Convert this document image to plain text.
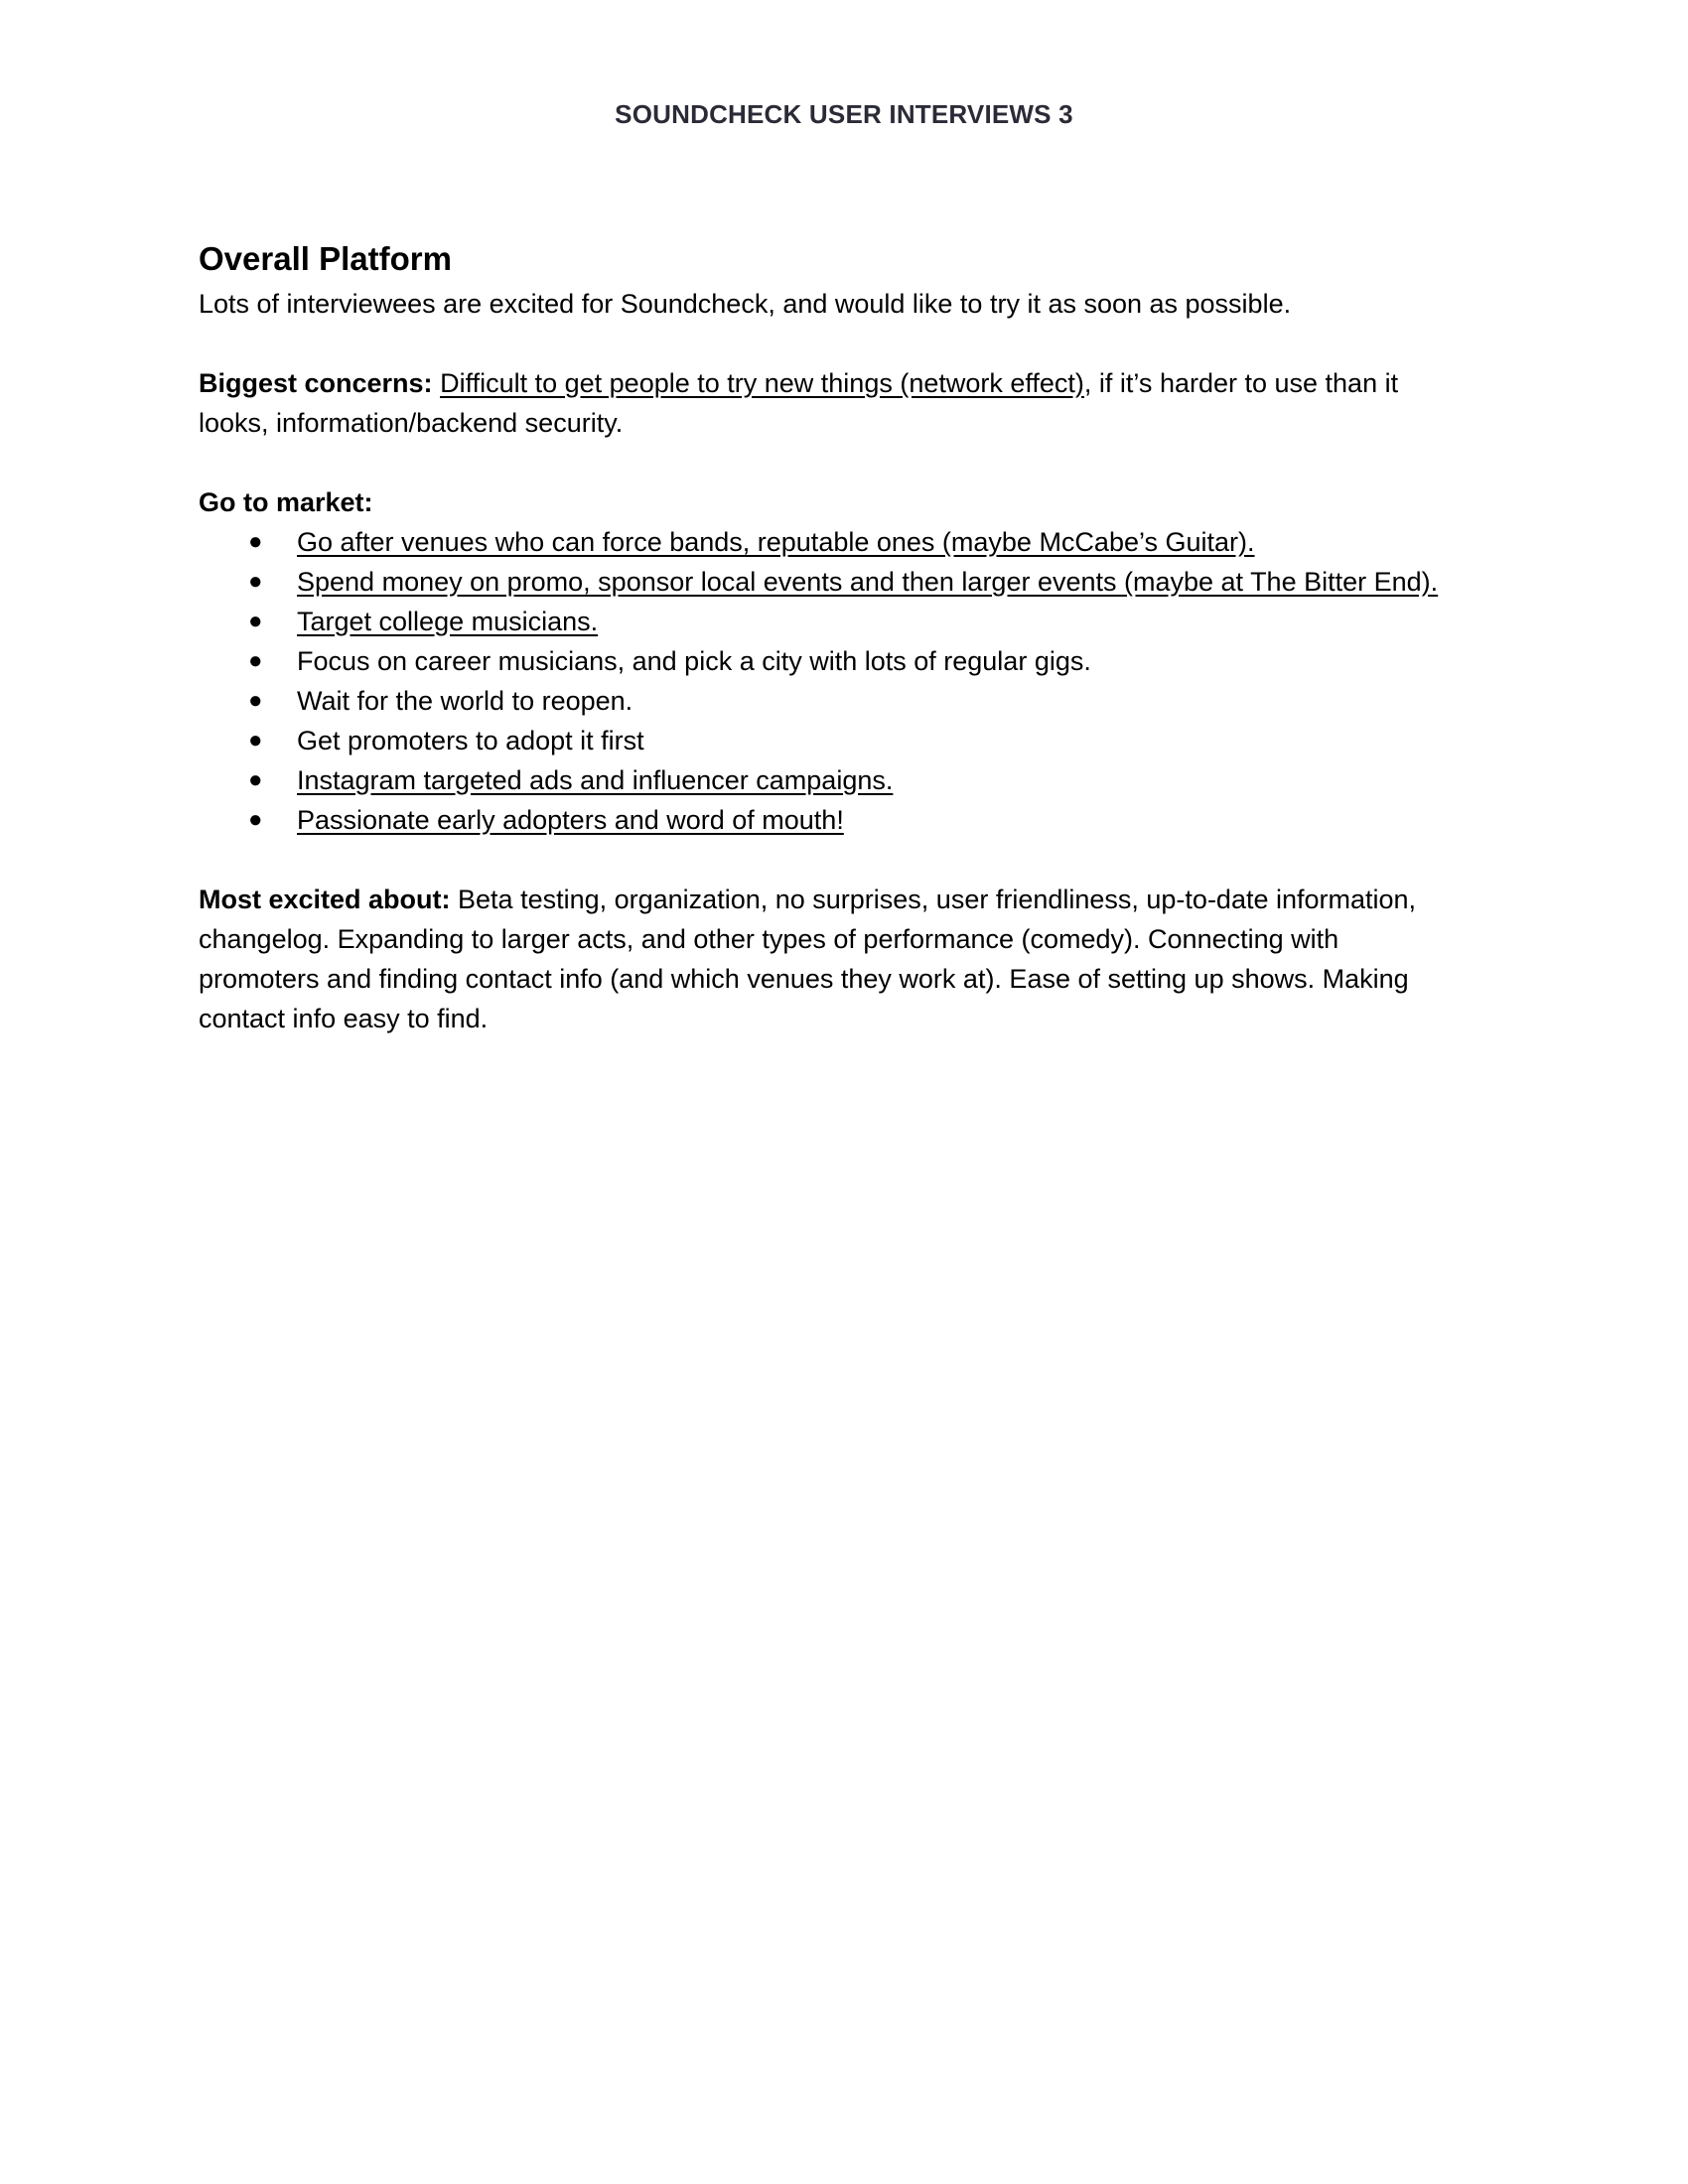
SOUNDCHECK USER INTERVIEWS 3
Overall Platform

Lots of interviewees are excited for Soundcheck, and would like to try it as soon as possible.

Biggest concerns: Difficult to get people to try new things (network effect), if it’s harder to use than it
looks, information/backend security.

Go to market:

● Go after venues who can force bands, reputable ones (maybe McCabe’s Guitar).
● Spend money on promo, sponsor local events and then larger events (maybe at The Bitter End).
● Target college musicians.
● Focus on career musicians, and pick a city with lots of regular gigs.
● Wait for the world to reopen.
● Get promoters to adopt it first
● Instagram targeted ads and influencer campaigns.
● Passionate early adopters and word of mouth!

Most excited about: Beta testing, organization, no surprises, user friendliness, up-to-date information,
changelog. Expanding to larger acts, and other types of performance (comedy). Connecting with
promoters and finding contact info (and which venues they work at). Ease of setting up shows. Making
contact info easy to find.
